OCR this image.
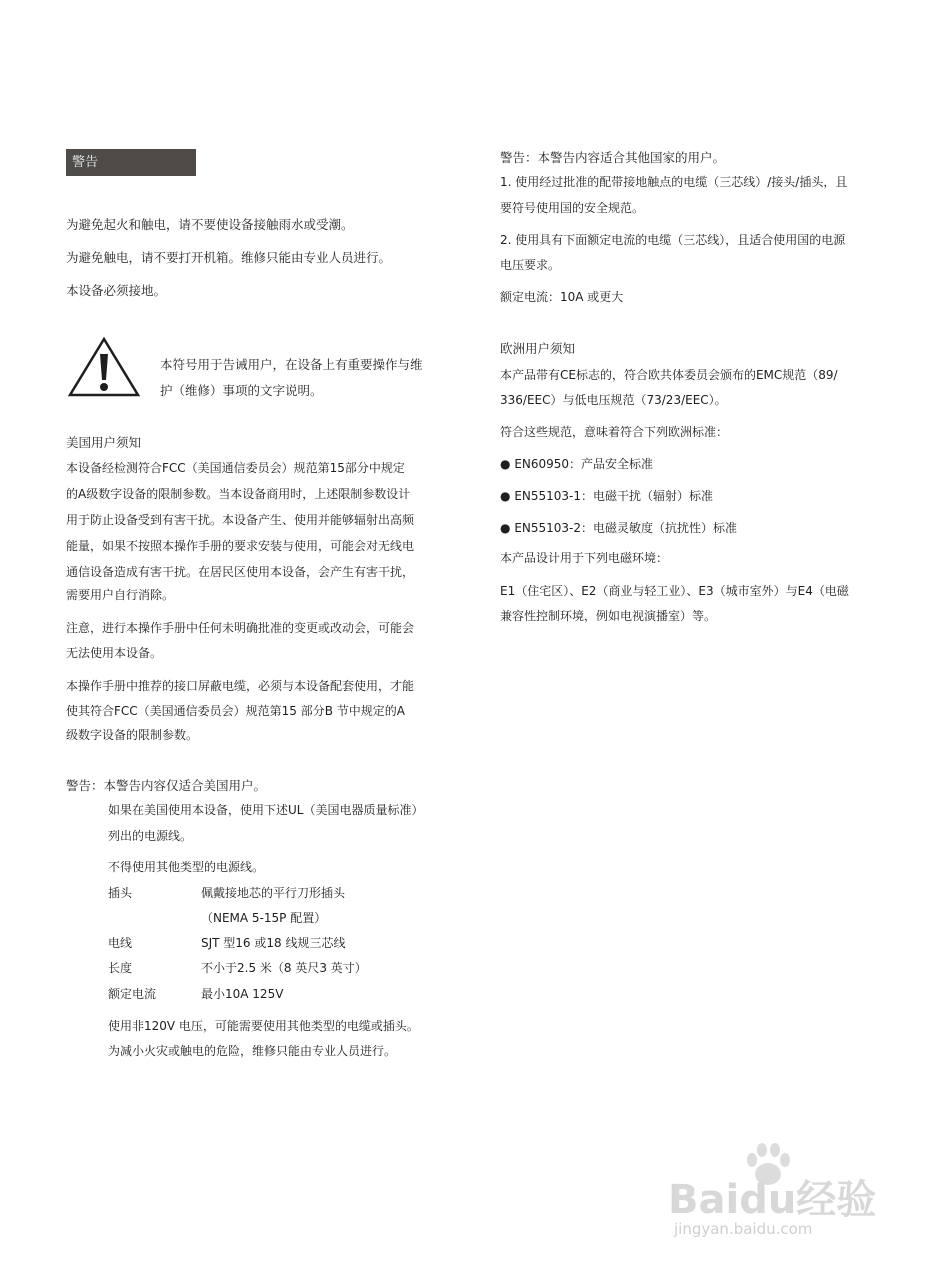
警告
为避免起火和触电，请不要使设备接触雨水或受潮。
为避免触电，请不要打开机箱。维修只能由专业人员进行。
本设备必须接地。
本符号用于告诫用户，在设备上有重要操作与维
护（维修）事项的文字说明。
美国用户须知
本设备经检测符合FCC（美国通信委员会）规范第15部分中规定
的A级数字设备的限制参数。当本设备商用时，上述限制参数设计
用于防止设备受到有害干扰。本设备产生、使用并能够辐射出高频
能量，如果不按照本操作手册的要求安装与使用，可能会对无线电
通信设备造成有害干扰。在居民区使用本设备，会产生有害干扰，
需要用户自行消除。
注意，进行本操作手册中任何未明确批准的变更或改动会，可能会
无法使用本设备。
本操作手册中推荐的接口屏蔽电缆，必须与本设备配套使用，才能
使其符合FCC（美国通信委员会）规范第15 部分B 节中规定的A
级数字设备的限制参数。
警告：本警告内容仅适合美国用户。
如果在美国使用本设备，使用下述UL（美国电器质量标准）
列出的电源线。
不得使用其他类型的电源线。
插头	佩戴接地芯的平行刀形插头
（NEMA 5-15P 配置）
电线	SJT 型16 或18 线规三芯线
长度	不小于2.5 米（8 英尺3 英寸）
额定电流	最小10A 125V
使用非120V 电压，可能需要使用其他类型的电缆或插头。
为减小火灾或触电的危险，维修只能由专业人员进行。
警告：本警告内容适合其他国家的用户。
1. 使用经过批准的配带接地触点的电缆（三芯线）/接头/插头，且
要符号使用国的安全规范。
2. 使用具有下面额定电流的电缆（三芯线），且适合使用国的电源
电压要求。
额定电流：10A 或更大
欧洲用户须知
本产品带有CE标志的，符合欧共体委员会颁布的EMC规范（89/
336/EEC）与低电压规范（73/23/EEC）。
符合这些规范，意味着符合下列欧洲标准：
● EN60950：产品安全标准
● EN55103-1：电磁干扰（辐射）标准
● EN55103-2：电磁灵敏度（抗扰性）标准
本产品设计用于下列电磁环境：
E1（住宅区）、E2（商业与轻工业）、E3（城市室外）与E4（电磁
兼容性控制环境，例如电视演播室）等。
Baidu经验
jingyan.baidu.com
